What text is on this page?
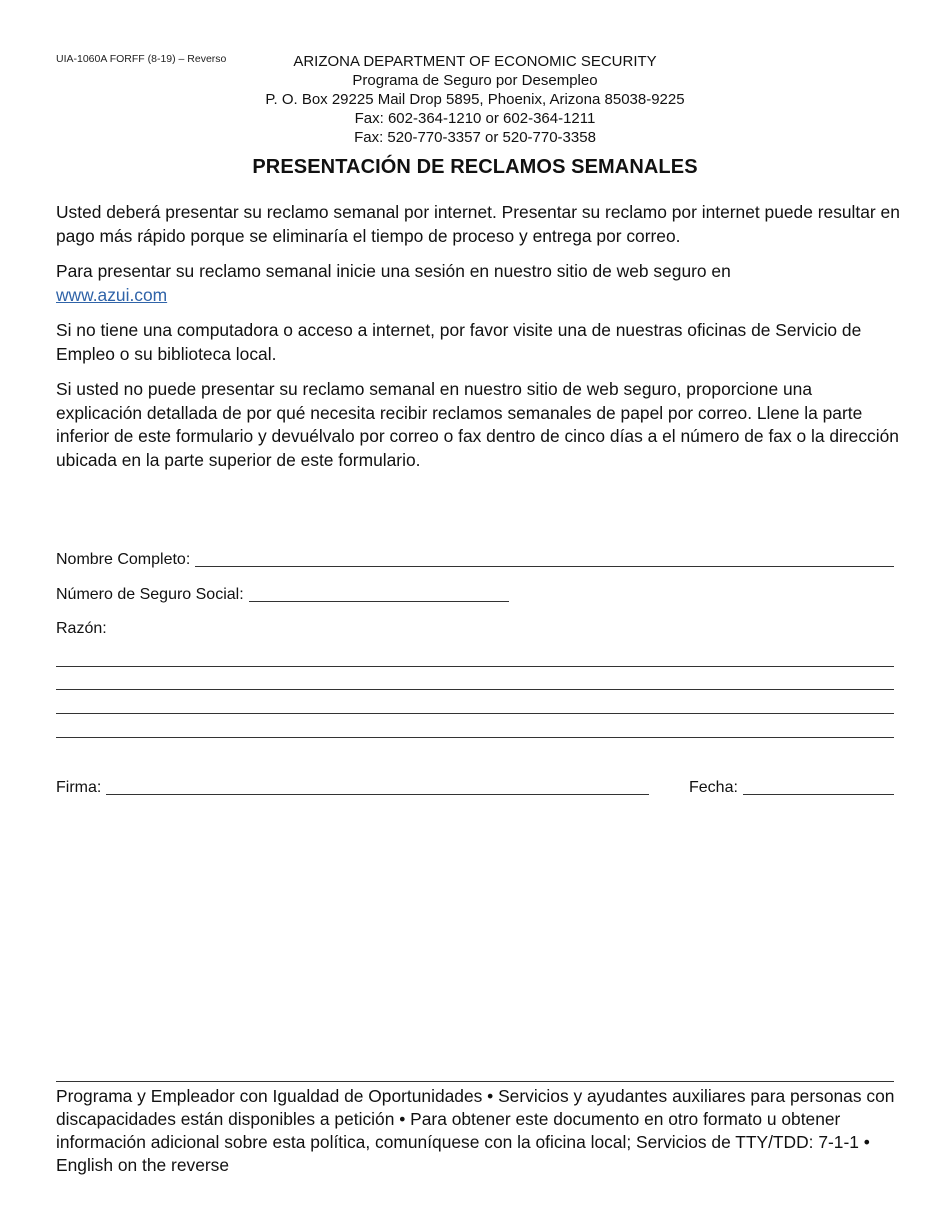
UIA-1060A FORFF (8-19) – Reverso	ARIZONA DEPARTMENT OF ECONOMIC SECURITY
Programa de Seguro por Desempleo
P. O. Box 29225 Mail Drop 5895, Phoenix, Arizona 85038-9225
Fax: 602-364-1210 or 602-364-1211
Fax: 520-770-3357 or 520-770-3358
PRESENTACIÓN DE RECLAMOS SEMANALES

Usted deberá presentar su reclamo semanal por internet. Presentar su reclamo por internet puede resultar en pago más rápido porque se eliminaría el tiempo de proceso y entrega por correo.

Para presentar su reclamo semanal inicie una sesión en nuestro sitio de web seguro en
www.azui.com

Si no tiene una computadora o acceso a internet, por favor visite una de nuestras oficinas de Servicio de Empleo o su biblioteca local.

Si usted no puede presentar su reclamo semanal en nuestro sitio de web seguro, proporcione una explicación detallada de por qué necesita recibir reclamos semanales de papel por correo. Llene la parte inferior de este formulario y devuélvalo por correo o fax dentro de cinco días a el número de fax o la dirección ubicada en la parte superior de este formulario.

Nombre Completo:
Número de Seguro Social:
Razón:
Firma:	Fecha:
Programa y Empleador con Igualdad de Oportunidades • Servicios y ayudantes auxiliares para personas con discapacidades están disponibles a petición • Para obtener este documento en otro formato u obtener información adicional sobre esta política, comuníquese con la oficina local; Servicios de TTY/TDD: 7-1-1 • English on the reverse
